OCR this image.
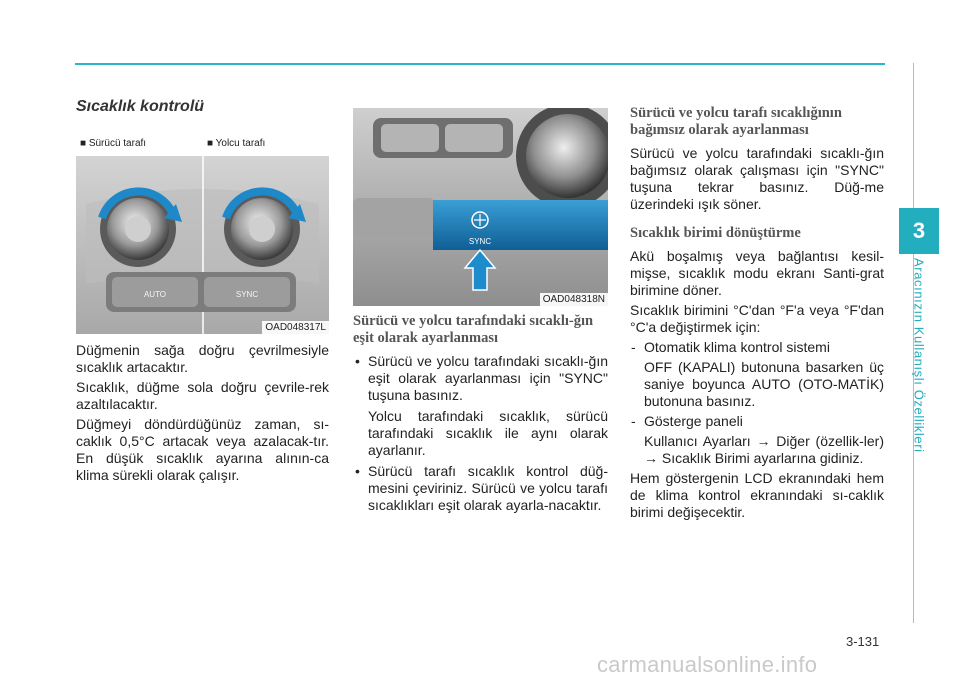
3
Aracınızın Kullanışlı Özellikleri
Sıcaklık kontrolü
AUTO	SYNC
■ Sürücü tarafı	■ Yolcu tarafı
OAD048317L

Düğmenin sağa doğru çevrilmesiyle sıcaklık artacaktır.

Sıcaklık, düğme sola doğru çevrile-rek azaltılacaktır.

Düğmeyi döndürdüğünüz zaman, sı-caklık 0,5°C artacak veya azalacak-tır. En düşük sıcaklık ayarına alının-ca klima sürekli olarak çalışır.

SYNC
OAD048318N
Sürücü ve yolcu tarafındaki sıcaklı-ğın eşit olarak ayarlanması
• Sürücü ve yolcu tarafındaki sıcaklı-ğın eşit olarak ayarlanması için "SYNC" tuşuna basınız.

Yolcu tarafındaki sıcaklık, sürücü tarafındaki sıcaklık ile aynı olarak ayarlanır.

• Sürücü tarafı sıcaklık kontrol düğ-mesini çeviriniz. Sürücü ve yolcu tarafı sıcaklıkları eşit olarak ayarla-nacaktır.
Sürücü ve yolcu tarafı sıcaklığının bağımsız olarak ayarlanması

Sürücü ve yolcu tarafındaki sıcaklı-ğın bağımsız olarak çalışması için "SYNC" tuşuna tekrar basınız. Düğ-me üzerindeki ışık söner.

Sıcaklık birimi dönüştürme

Akü boşalmış veya bağlantısı kesil-mişse, sıcaklık modu ekranı Santi-grat birimine döner.

Sıcaklık birimini °C'dan °F'a veya °F'dan °C'a değiştirmek için:

- Otomatik klima kontrol sistemi

OFF (KAPALI) butonuna basarken üç saniye boyunca AUTO (OTO-MATİK) butonuna basınız.

- Gösterge paneli

Kullanıcı Ayarları → Diğer (özellik-ler) → Sıcaklık Birimi ayarlarına gidiniz.

Hem göstergenin LCD ekranındaki hem de klima kontrol ekranındaki sı-caklık birimi değişecektir.

3-131
carmanualsonline.info
